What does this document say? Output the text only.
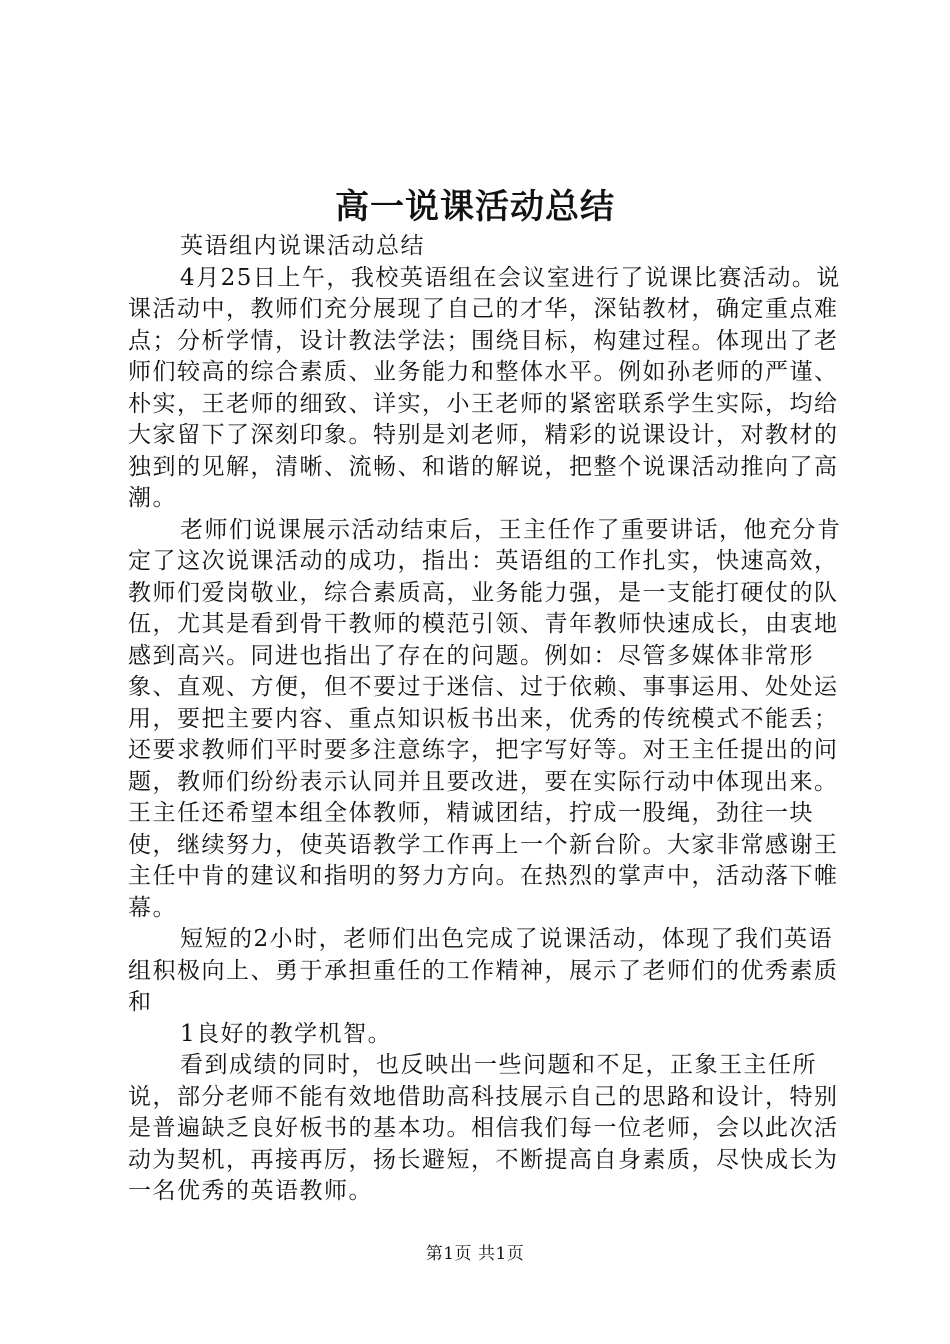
高一说课活动总结

英语组内说课活动总结

4月25日上午，我校英语组在会议室进行了说课比赛活动。说课活动中，教师们充分展现了自己的才华，深钻教材，确定重点难点；分析学情，设计教法学法；围绕目标，构建过程。体现出了老师们较高的综合素质、业务能力和整体水平。例如孙老师的严谨、朴实，王老师的细致、详实，小王老师的紧密联系学生实际，均给大家留下了深刻印象。特别是刘老师，精彩的说课设计，对教材的独到的见解，清晰、流畅、和谐的解说，把整个说课活动推向了高潮。

老师们说课展示活动结束后，王主任作了重要讲话，他充分肯定了这次说课活动的成功，指出：英语组的工作扎实，快速高效，教师们爱岗敬业，综合素质高，业务能力强，是一支能打硬仗的队伍，尤其是看到骨干教师的模范引领、青年教师快速成长，由衷地感到高兴。同进也指出了存在的问题。例如：尽管多媒体非常形象、直观、方便，但不要过于迷信、过于依赖、事事运用、处处运用，要把主要内容、重点知识板书出来，优秀的传统模式不能丢；还要求教师们平时要多注意练字，把字写好等。对王主任提出的问题，教师们纷纷表示认同并且要改进，要在实际行动中体现出来。王主任还希望本组全体教师，精诚团结，拧成一股绳，劲往一块使，继续努力，使英语教学工作再上一个新台阶。大家非常感谢王主任中肯的建议和指明的努力方向。在热烈的掌声中，活动落下帷幕。

短短的2小时，老师们出色完成了说课活动，体现了我们英语组积极向上、勇于承担重任的工作精神，展示了老师们的优秀素质和

1良好的教学机智。

看到成绩的同时，也反映出一些问题和不足，正象王主任所说，部分老师不能有效地借助高科技展示自己的思路和设计，特别是普遍缺乏良好板书的基本功。相信我们每一位老师，会以此次活动为契机，再接再厉，扬长避短，不断提高自身素质，尽快成长为一名优秀的英语教师。

第1页 共1页
